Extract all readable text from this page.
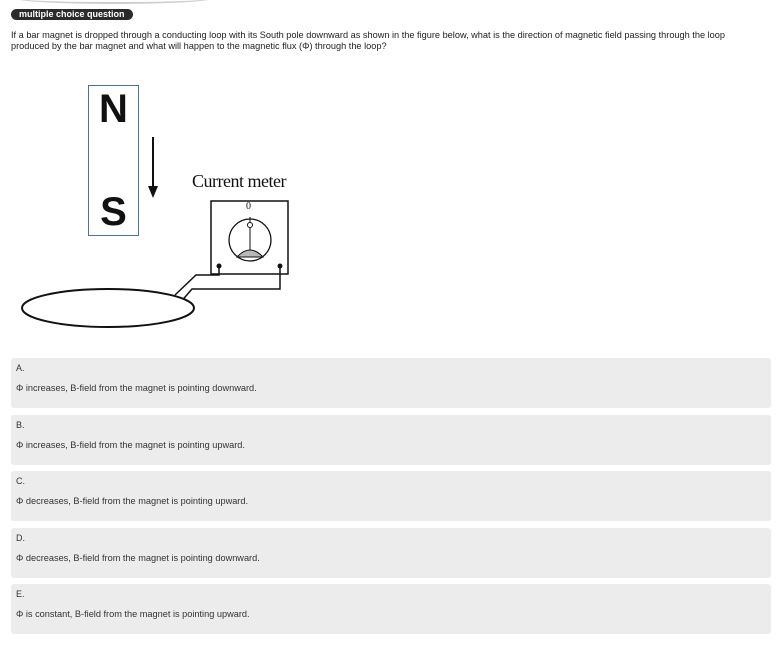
multiple choice question
If a bar magnet is dropped through a conducting loop with its South pole downward as shown in the figure below, what is the direction of magnetic field passing through the loop produced by the bar magnet and what will happen to the magnetic flux (Φ) through the loop?
N
S
Current meter
0
A.
Φ increases, B-field from the magnet is pointing downward.
B.
Φ increases, B-field from the magnet is pointing upward.
C.
Φ decreases, B-field from the magnet is pointing upward.
D.
Φ decreases, B-field from the magnet is pointing downward.
E.
Φ is constant, B-field from the magnet is pointing upward.
